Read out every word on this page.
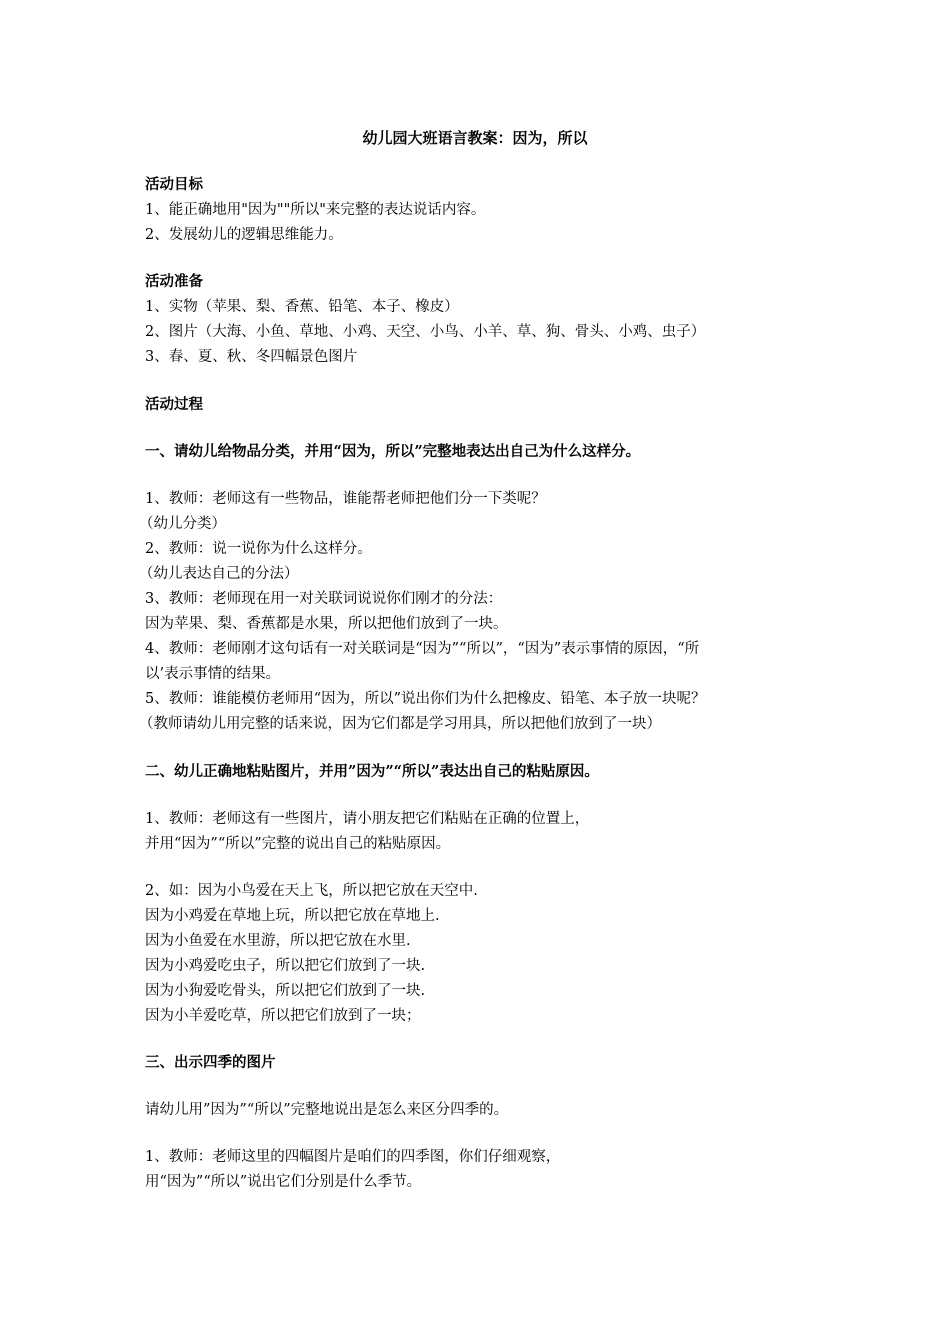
幼儿园大班语言教案：因为，所以
活动目标
1、能正确地用"因为""所以"来完整的表达说话内容。
2、发展幼儿的逻辑思维能力。
活动准备
1、实物（苹果、梨、香蕉、铅笔、本子、橡皮）
2、图片（大海、小鱼、草地、小鸡、天空、小鸟、小羊、草、狗、骨头、小鸡、虫子）
3、春、夏、秋、冬四幅景色图片
活动过程
一、请幼儿给物品分类，并用“因为，所以”完整地表达出自己为什么这样分。
1、教师：老师这有一些物品，谁能帮老师把他们分一下类呢？
（幼儿分类）
2、教师：说一说你为什么这样分。
（幼儿表达自己的分法）
3、教师：老师现在用一对关联词说说你们刚才的分法：
因为苹果、梨、香蕉都是水果，所以把他们放到了一块。
4、教师：老师刚才这句话有一对关联词是“因为”“所以”，“因为”表示事情的原因，“所
以’表示事情的结果。
5、教师：谁能模仿老师用“因为，所以”说出你们为什么把橡皮、铅笔、本子放一块呢？
（教师请幼儿用完整的话来说，因为它们都是学习用具，所以把他们放到了一块）
二、幼儿正确地粘贴图片，并用”因为”“所以”表达出自己的粘贴原因。
1、教师：老师这有一些图片，请小朋友把它们粘贴在正确的位置上，
并用“因为”“所以”完整的说出自己的粘贴原因。
2、如：因为小鸟爱在天上飞，所以把它放在天空中.
因为小鸡爱在草地上玩，所以把它放在草地上.
因为小鱼爱在水里游，所以把它放在水里.
因为小鸡爱吃虫子，所以把它们放到了一块.
因为小狗爱吃骨头，所以把它们放到了一块.
因为小羊爱吃草，所以把它们放到了一块；
三、出示四季的图片
请幼儿用”因为”“所以”完整地说出是怎么来区分四季的。
1、教师：老师这里的四幅图片是咱们的四季图，你们仔细观察，
用“因为”“所以”说出它们分别是什么季节。
